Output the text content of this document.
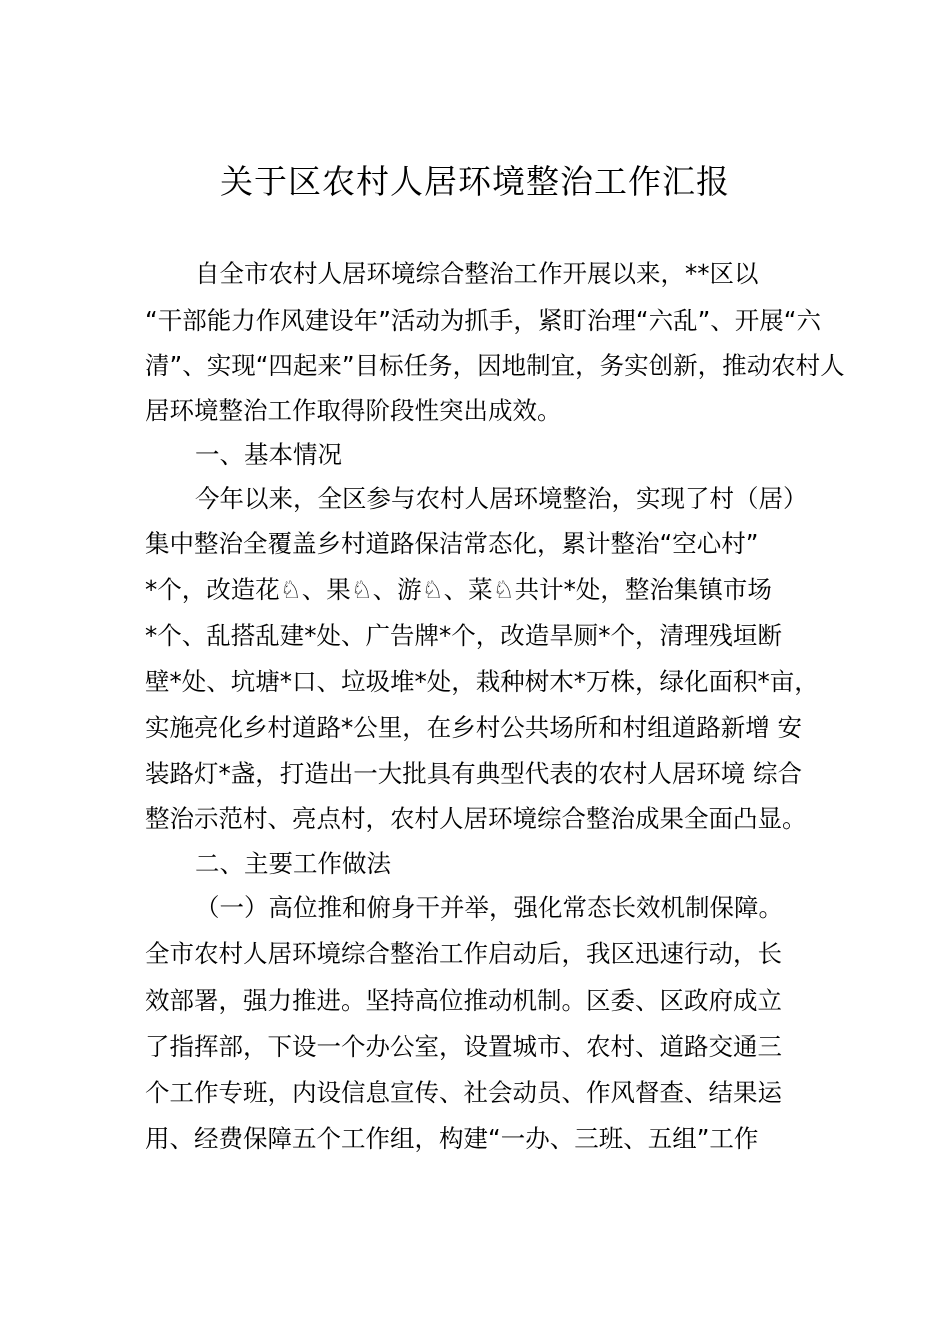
关于区农村人居环境整治工作汇报

自全市农村人居环境综合整治工作开展以来，**区以

“干部能力作风建设年”活动为抓手，紧盯治理“六乱”、开展“六

清”、实现“四起来”目标任务，因地制宜，务实创新，推动农村人

居环境整治工作取得阶段性突出成效。

一、基本情况

今年以来，全区参与农村人居环境整治，实现了村（居）

集中整治全覆盖乡村道路保洁常态化，累计整治“空心村”

*个，改造花♘、果♘、游♘、菜♘共计*处，整治集镇市场

*个、乱搭乱建*处、广告牌*个，改造旱厕*个，清理残垣断

壁*处、坑塘*口、垃圾堆*处，栽种树木*万株，绿化面积*亩，

实施亮化乡村道路*公里，在乡村公共场所和村组道路新增 安

装路灯*盏，打造出一大批具有典型代表的农村人居环境 综合

整治示范村、亮点村，农村人居环境综合整治成果全面凸显。

二、主要工作做法

（一）高位推和俯身干并举，强化常态长效机制保障。

全市农村人居环境综合整治工作启动后，我区迅速行动，长

效部署，强力推进。坚持高位推动机制。区委、区政府成立

了指挥部，下设一个办公室，设置城市、农村、道路交通三

个工作专班，内设信息宣传、社会动员、作风督查、结果运

用、经费保障五个工作组，构建“一办、三班、五组”工作
